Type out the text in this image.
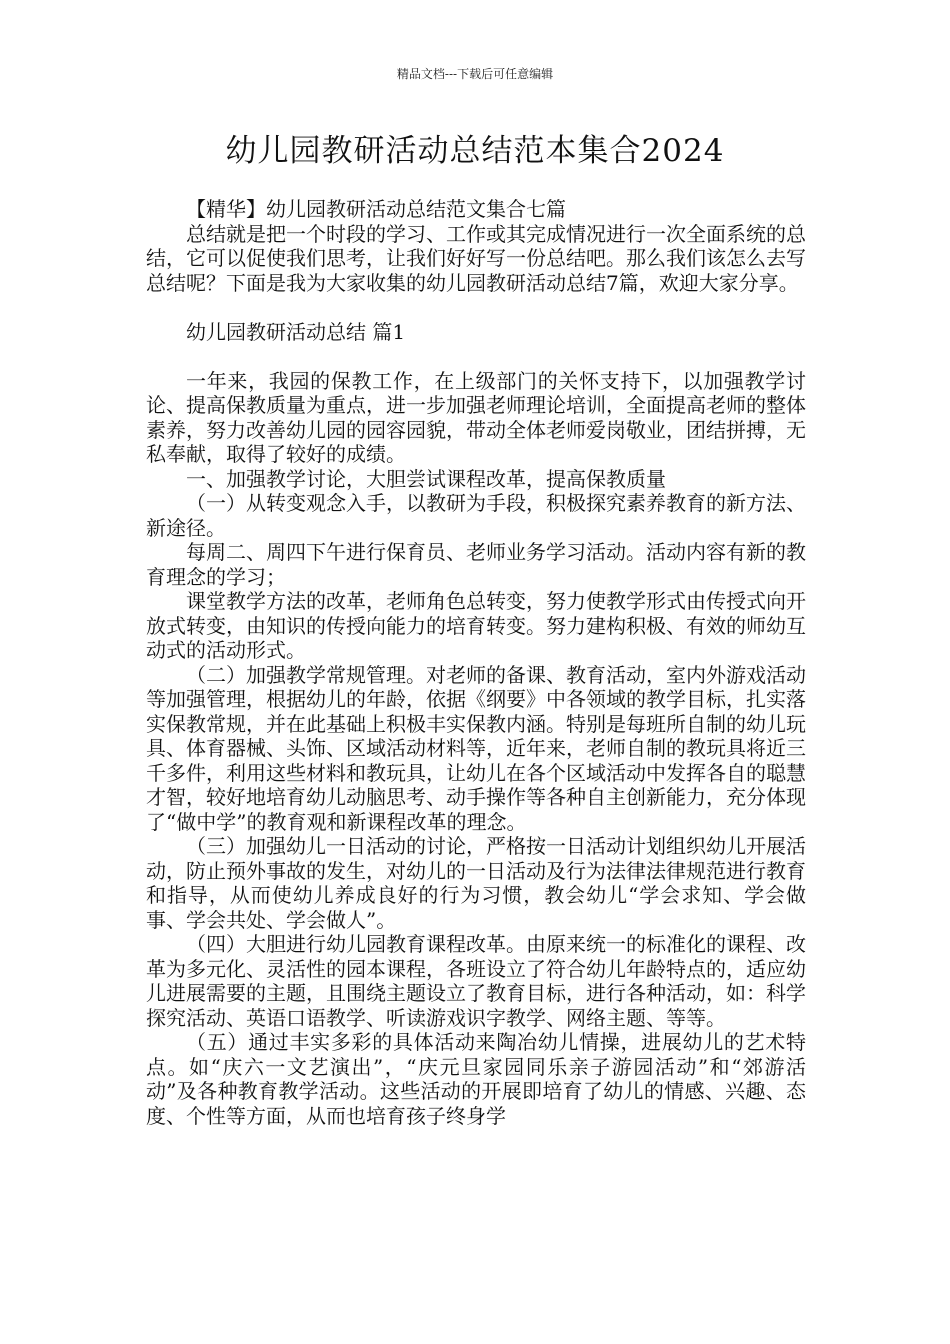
精品文档---下载后可任意编辑
幼儿园教研活动总结范本集合2024

【精华】幼儿园教研活动总结范文集合七篇

总结就是把一个时段的学习、工作或其完成情况进行一次全面系统的总结，它可以促使我们思考，让我们好好写一份总结吧。那么我们该怎么去写总结呢？下面是我为大家收集的幼儿园教研活动总结7篇，欢迎大家分享。

幼儿园教研活动总结 篇1

一年来，我园的保教工作，在上级部门的关怀支持下，以加强教学讨论、提高保教质量为重点，进一步加强老师理论培训，全面提高老师的整体素养，努力改善幼儿园的园容园貌，带动全体老师爱岗敬业，团结拼搏，无私奉献，取得了较好的成绩。

一、加强教学讨论，大胆尝试课程改革，提高保教质量

（一）从转变观念入手，以教研为手段，积极探究素养教育的新方法、新途径。

每周二、周四下午进行保育员、老师业务学习活动。活动内容有新的教育理念的学习；

课堂教学方法的改革，老师角色总转变，努力使教学形式由传授式向开放式转变，由知识的传授向能力的培育转变。努力建构积极、有效的师幼互动式的活动形式。

（二）加强教学常规管理。对老师的备课、教育活动，室内外游戏活动等加强管理，根据幼儿的年龄，依据《纲要》中各领域的教学目标，扎实落实保教常规，并在此基础上积极丰实保教内涵。特别是每班所自制的幼儿玩具、体育器械、头饰、区域活动材料等，近年来，老师自制的教玩具将近三千多件，利用这些材料和教玩具，让幼儿在各个区域活动中发挥各自的聪慧才智，较好地培育幼儿动脑思考、动手操作等各种自主创新能力，充分体现了“做中学”的教育观和新课程改革的理念。

（三）加强幼儿一日活动的讨论，严格按一日活动计划组织幼儿开展活动，防止预外事故的发生，对幼儿的一日活动及行为法律法律规范进行教育和指导，从而使幼儿养成良好的行为习惯，教会幼儿“学会求知、学会做事、学会共处、学会做人”。

（四）大胆进行幼儿园教育课程改革。由原来统一的标准化的课程、改革为多元化、灵活性的园本课程，各班设立了符合幼儿年龄特点的，适应幼儿进展需要的主题，且围绕主题设立了教育目标，进行各种活动，如：科学探究活动、英语口语教学、听读游戏识字教学、网络主题、等等。

（五）通过丰实多彩的具体活动来陶冶幼儿情操，进展幼儿的艺术特点。如“庆六一文艺演出”，“庆元旦家园同乐亲子游园活动”和“郊游活动”及各种教育教学活动。这些活动的开展即培育了幼儿的情感、兴趣、态度、个性等方面，从而也培育孩子终身学
